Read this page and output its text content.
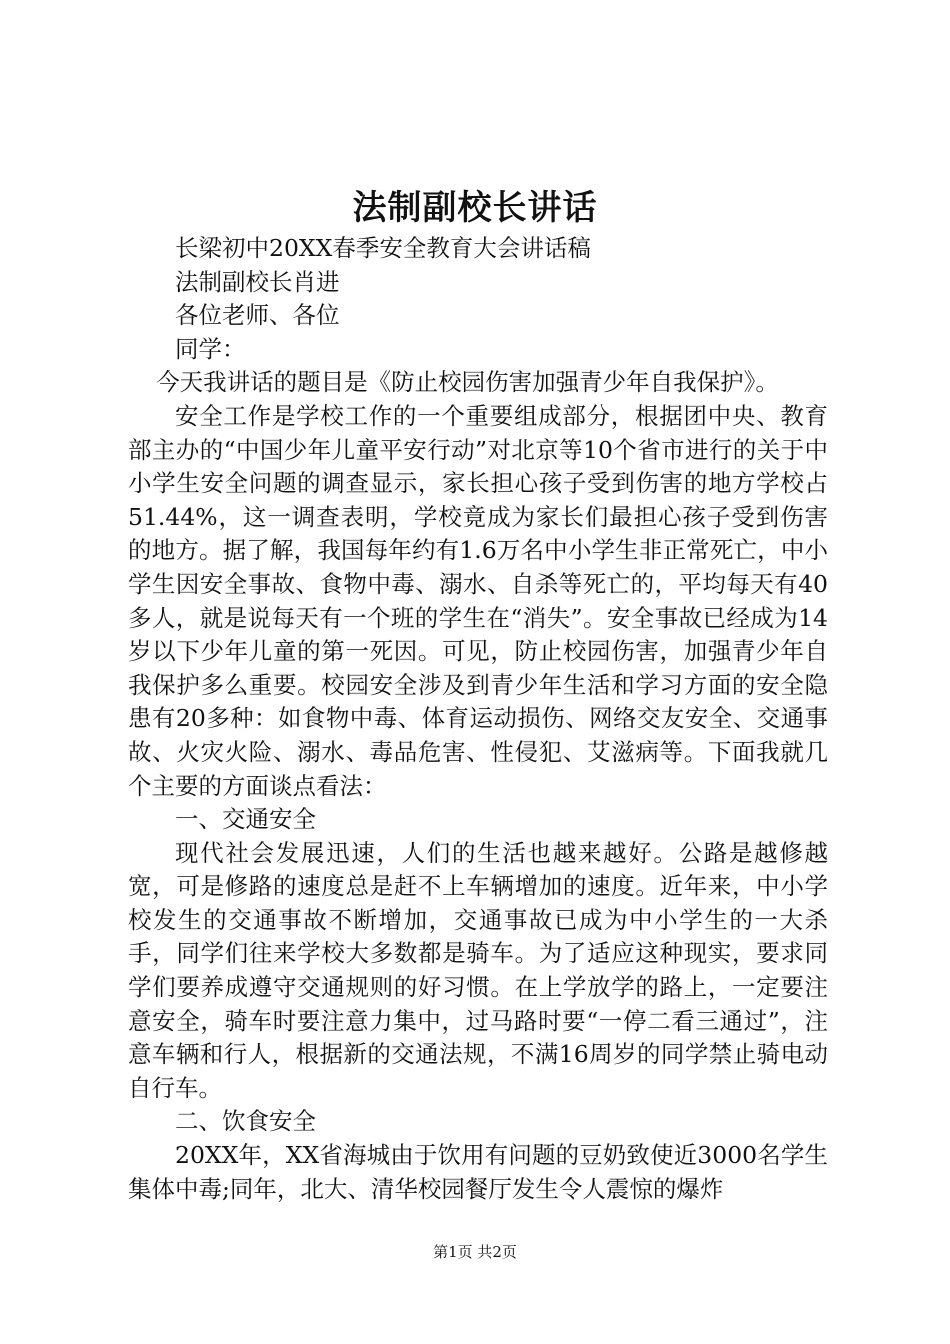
法制副校长讲话

长梁初中20XX春季安全教育大会讲话稿

法制副校长肖进

各位老师、各位

同学：

今天我讲话的题目是《防止校园伤害加强青少年自我保护》。

安全工作是学校工作的一个重要组成部分，根据团中央、教育部主办的“中国少年儿童平安行动”对北京等10个省市进行的关于中小学生安全问题的调查显示，家长担心孩子受到伤害的地方学校占51.44%，这一调查表明，学校竟成为家长们最担心孩子受到伤害的地方。据了解，我国每年约有1.6万名中小学生非正常死亡，中小学生因安全事故、食物中毒、溺水、自杀等死亡的，平均每天有40多人，就是说每天有一个班的学生在“消失”。安全事故已经成为14岁以下少年儿童的第一死因。可见，防止校园伤害，加强青少年自我保护多么重要。校园安全涉及到青少年生活和学习方面的安全隐患有20多种：如食物中毒、体育运动损伤、网络交友安全、交通事故、火灾火险、溺水、毒品危害、性侵犯、艾滋病等。下面我就几个主要的方面谈点看法：

一、交通安全

现代社会发展迅速，人们的生活也越来越好。公路是越修越宽，可是修路的速度总是赶不上车辆增加的速度。近年来，中小学校发生的交通事故不断增加，交通事故已成为中小学生的一大杀手，同学们往来学校大多数都是骑车。为了适应这种现实，要求同学们要养成遵守交通规则的好习惯。在上学放学的路上，一定要注意安全，骑车时要注意力集中，过马路时要“一停二看三通过”，注意车辆和行人，根据新的交通法规，不满16周岁的同学禁止骑电动自行车。

二、饮食安全

20XX年，XX省海城由于饮用有问题的豆奶致使近3000名学生集体中毒;同年，北大、清华校园餐厅发生令人震惊的爆炸

第1页 共2页
